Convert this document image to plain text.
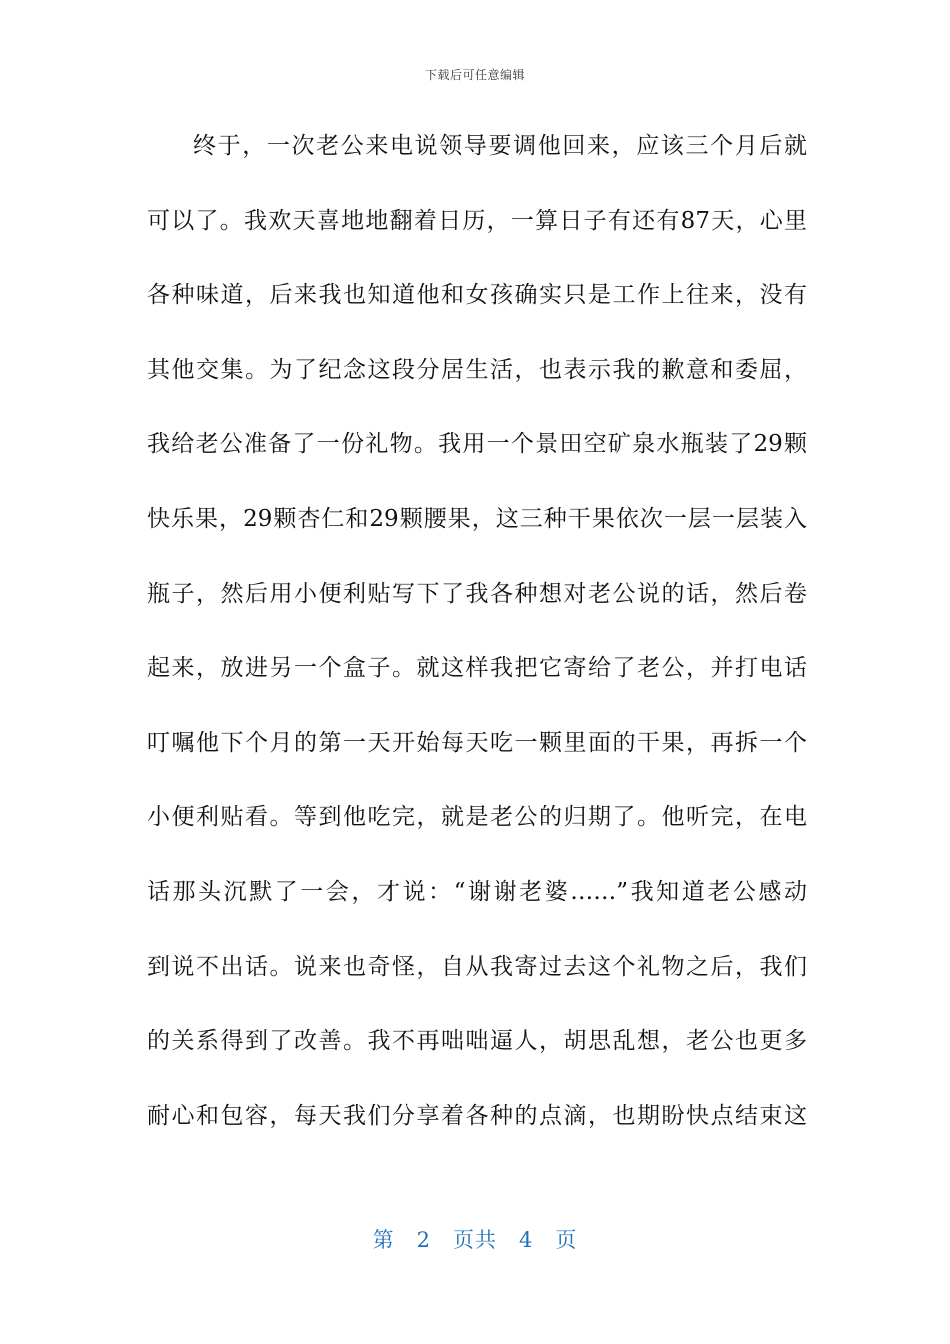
下载后可任意编辑
终于，一次老公来电说领导要调他回来，应该三个月后就
可以了。我欢天喜地地翻着日历，一算日子有还有87天，心里
各种味道，后来我也知道他和女孩确实只是工作上往来，没有
其他交集。为了纪念这段分居生活，也表示我的歉意和委屈，
我给老公准备了一份礼物。我用一个景田空矿泉水瓶装了29颗
快乐果，29颗杏仁和29颗腰果，这三种干果依次一层一层装入
瓶子，然后用小便利贴写下了我各种想对老公说的话，然后卷
起来，放进另一个盒子。就这样我把它寄给了老公，并打电话
叮嘱他下个月的第一天开始每天吃一颗里面的干果，再拆一个
小便利贴看。等到他吃完，就是老公的归期了。他听完，在电
话那头沉默了一会，才说：“谢谢老婆……”我知道老公感动
到说不出话。说来也奇怪，自从我寄过去这个礼物之后，我们
的关系得到了改善。我不再咄咄逼人，胡思乱想，老公也更多
耐心和包容，每天我们分享着各种的点滴，也期盼快点结束这
第 2 页共 4 页
